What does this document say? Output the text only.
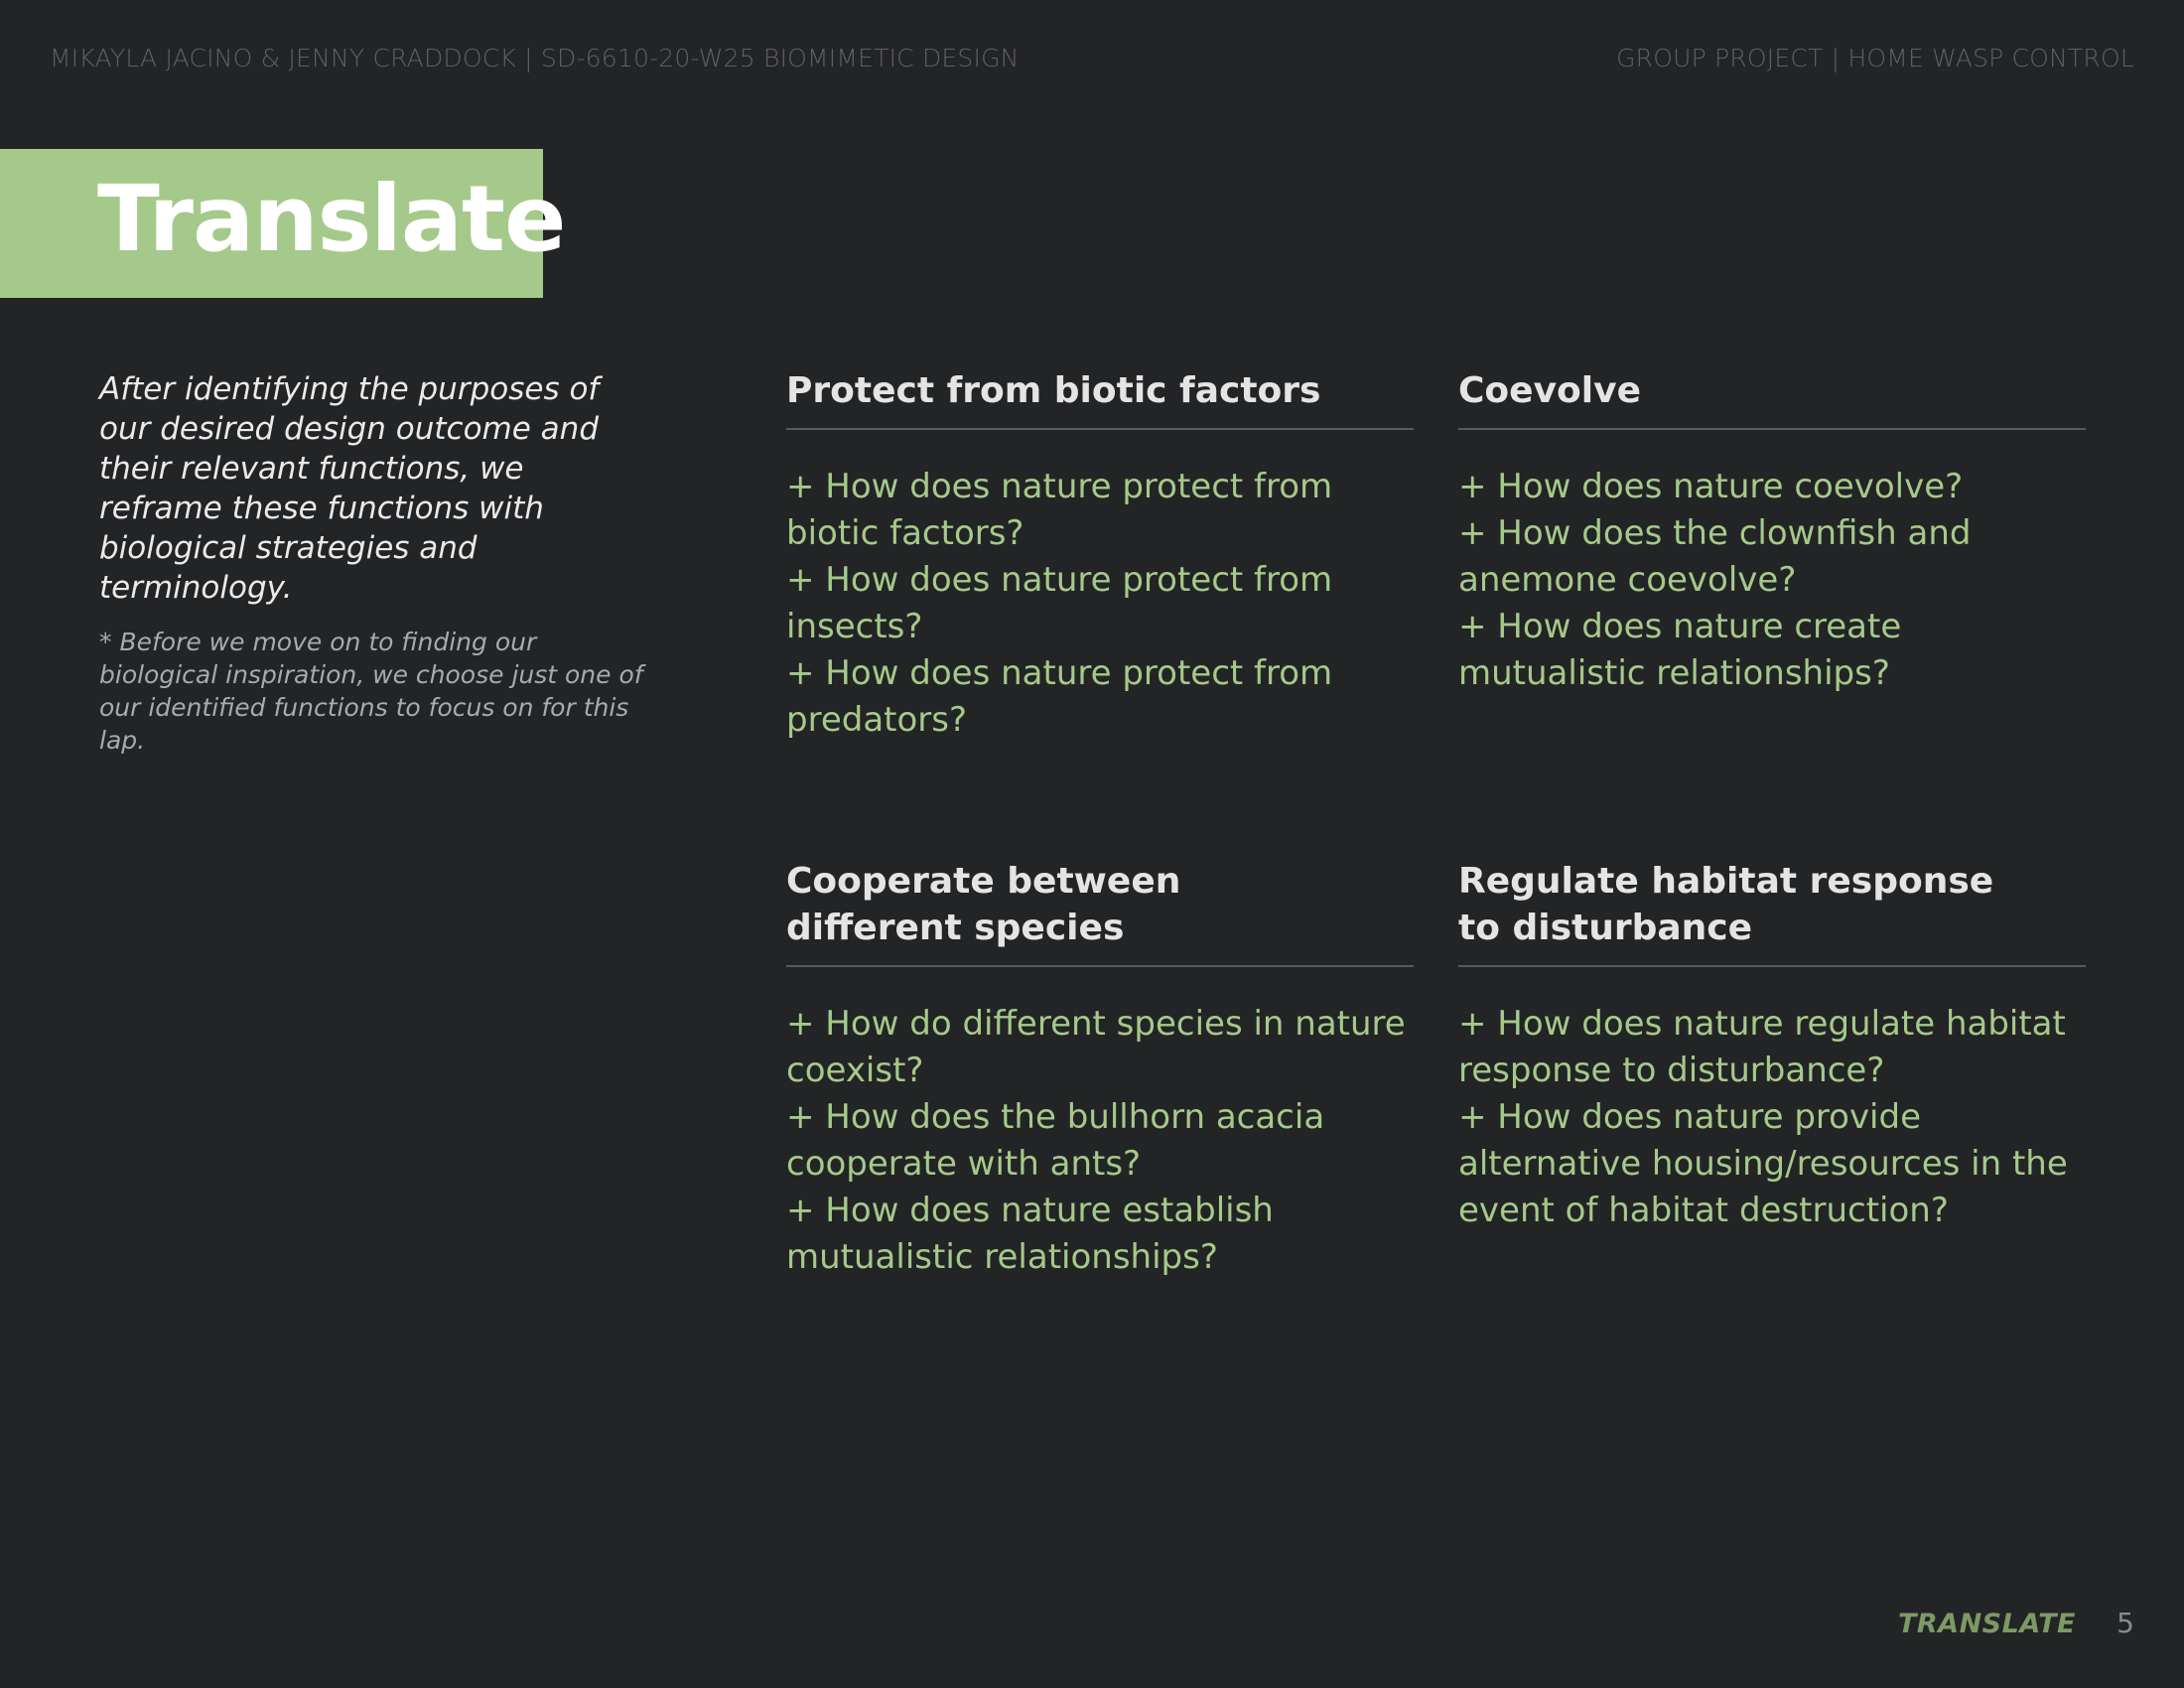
MIKAYLA JACINO & JENNY CRADDOCK | SD-6610-20-W25 BIOMIMETIC DESIGN	GROUP PROJECT | HOME WASP CONTROL
Translate
After identifying the purposes of our desired design outcome and their relevant functions, we reframe these functions with biological strategies and terminology.
* Before we move on to finding our biological inspiration, we choose just one of our identified functions to focus on for this lap.
Protect from biotic factors
+ How does nature protect from biotic factors?
+ How does nature protect from insects?
+ How does nature protect from predators?
Coevolve
+ How does nature coevolve?
+ How does the clownfish and anemone coevolve?
+ How does nature create mutualistic relationships?
Cooperate between
different species
+ How do different species in nature coexist?
+ How does the bullhorn acacia cooperate with ants?
+ How does nature establish mutualistic relationships?
Regulate habitat response
to disturbance
+ How does nature regulate habitat response to disturbance?
+ How does nature provide alternative housing/resources in the event of habitat destruction?
TRANSLATE 5
